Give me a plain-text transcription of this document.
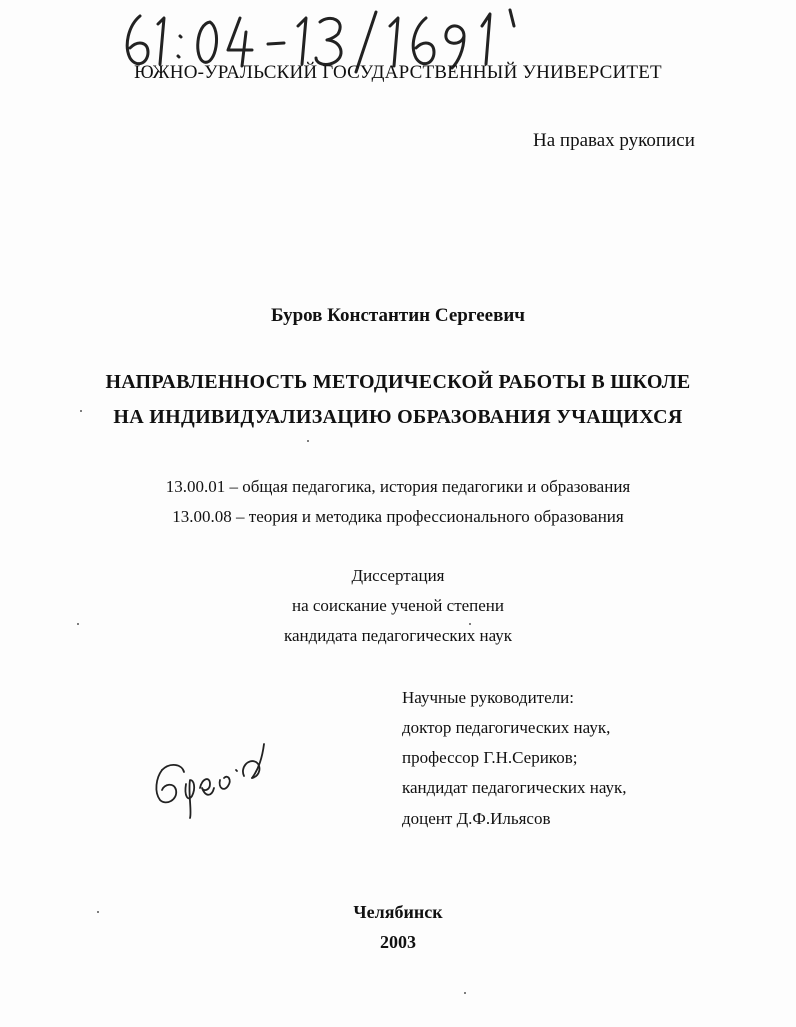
ЮЖНО-УРАЛЬСКИЙ ГОСУДАРСТВЕННЫЙ УНИВЕРСИТЕТ
На правах рукописи
Буров Константин Сергеевич
НАПРАВЛЕННОСТЬ МЕТОДИЧЕСКОЙ РАБОТЫ В ШКОЛЕ
НА ИНДИВИДУАЛИЗАЦИЮ ОБРАЗОВАНИЯ УЧАЩИХСЯ
13.00.01 – общая педагогика, история педагогики и образования
13.00.08 – теория и методика профессионального образования
Диссертация
на соискание ученой степени
кандидата педагогических наук
Научные руководители:
доктор педагогических наук,
профессор Г.Н.Сериков;
кандидат педагогических наук,
доцент Д.Ф.Ильясов
Челябинск
2003
